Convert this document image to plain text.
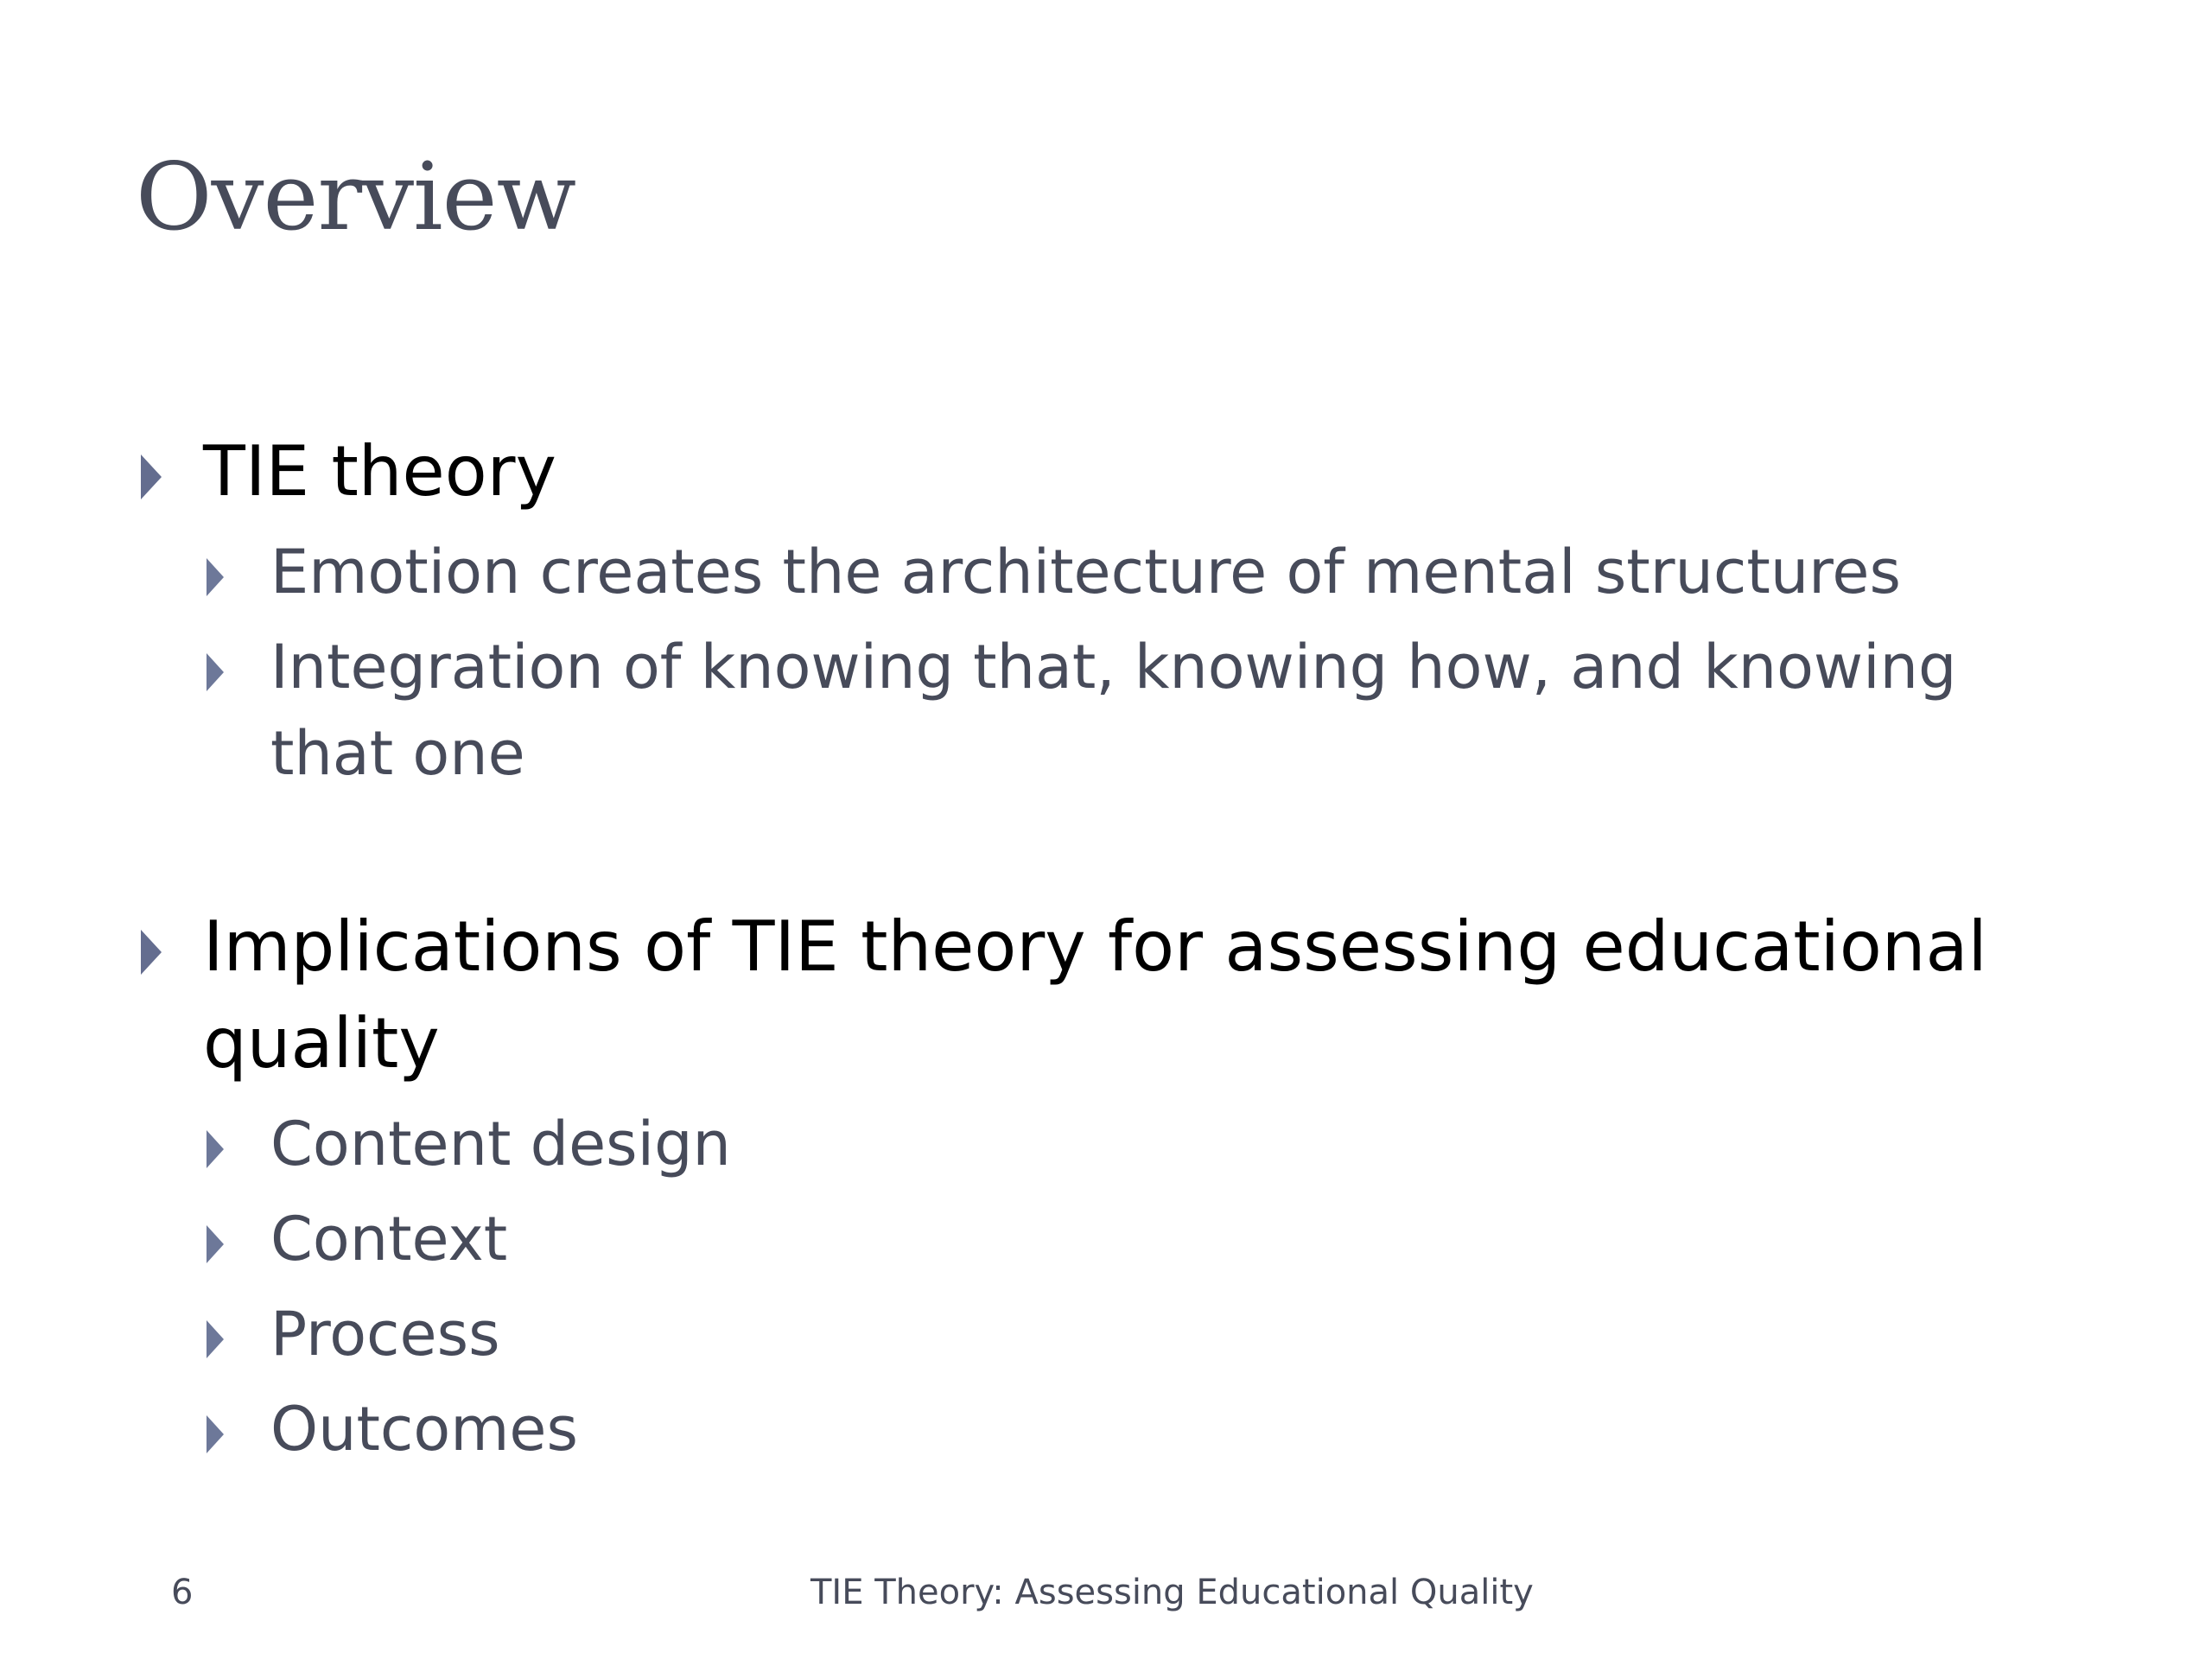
Overview
TIE theory
Emotion creates the architecture of mental structures
Integration of knowing that, knowing how, and knowing that one
Implications of TIE theory for assessing educational quality
Content design
Context
Process
Outcomes
6	TIE Theory: Assessing Educational Quality
